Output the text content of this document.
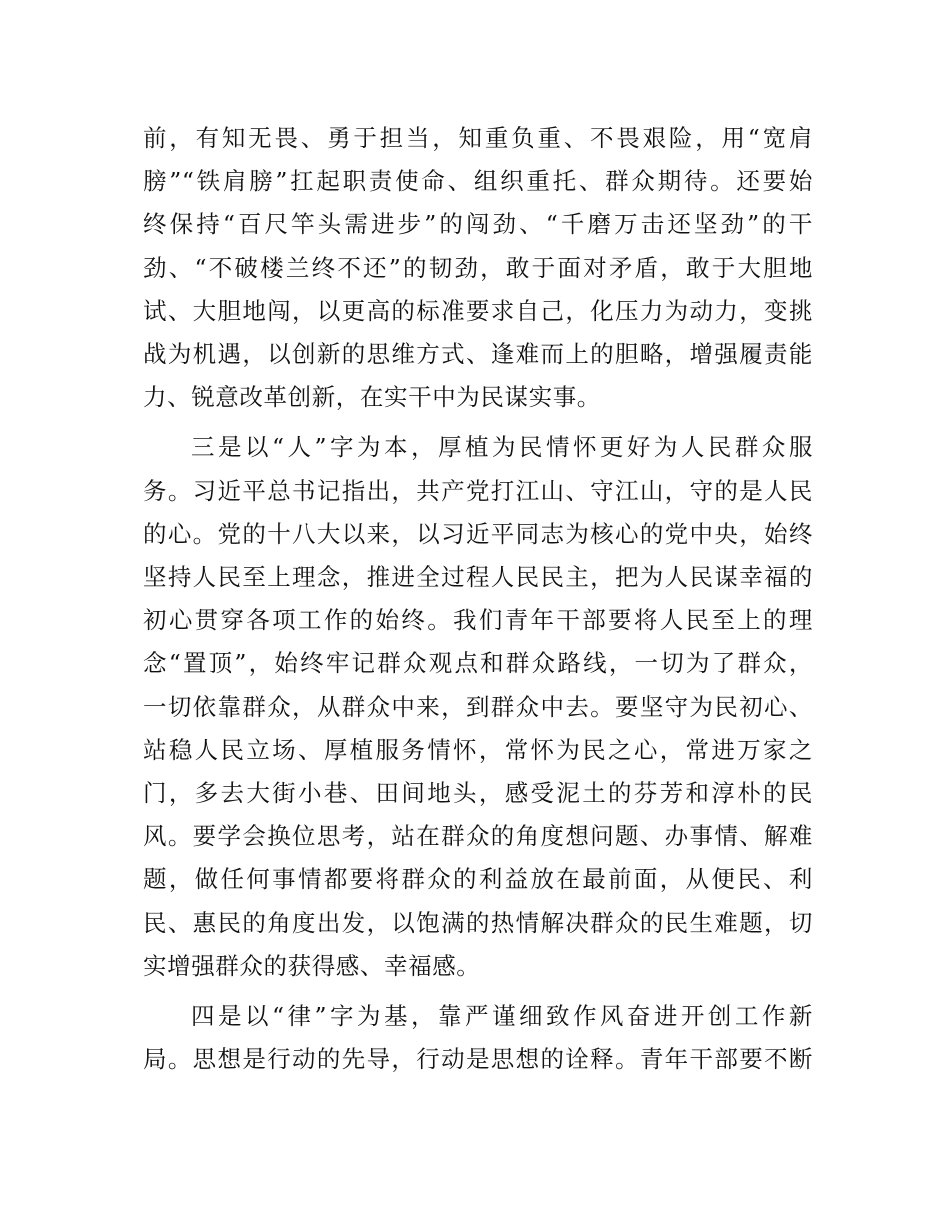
前，有知无畏、勇于担当，知重负重、不畏艰险，用“宽肩
膀”“铁肩膀”扛起职责使命、组织重托、群众期待。还要始
终保持“百尺竿头需进步”的闯劲、“千磨万击还坚劲”的干
劲、“不破楼兰终不还”的韧劲，敢于面对矛盾，敢于大胆地
试、大胆地闯，以更高的标准要求自己，化压力为动力，变挑
战为机遇，以创新的思维方式、逢难而上的胆略，增强履责能
力、锐意改革创新，在实干中为民谋实事。
三是以“人”字为本，厚植为民情怀更好为人民群众服
务。习近平总书记指出，共产党打江山、守江山，守的是人民
的心。党的十八大以来，以习近平同志为核心的党中央，始终
坚持人民至上理念，推进全过程人民民主，把为人民谋幸福的
初心贯穿各项工作的始终。我们青年干部要将人民至上的理
念“置顶”，始终牢记群众观点和群众路线，一切为了群众，
一切依靠群众，从群众中来，到群众中去。要坚守为民初心、
站稳人民立场、厚植服务情怀，常怀为民之心，常进万家之
门，多去大街小巷、田间地头，感受泥土的芬芳和淳朴的民
风。要学会换位思考，站在群众的角度想问题、办事情、解难
题，做任何事情都要将群众的利益放在最前面，从便民、利
民、惠民的角度出发，以饱满的热情解决群众的民生难题，切
实增强群众的获得感、幸福感。
四是以“律”字为基，靠严谨细致作风奋进开创工作新
局。思想是行动的先导，行动是思想的诠释。青年干部要不断
